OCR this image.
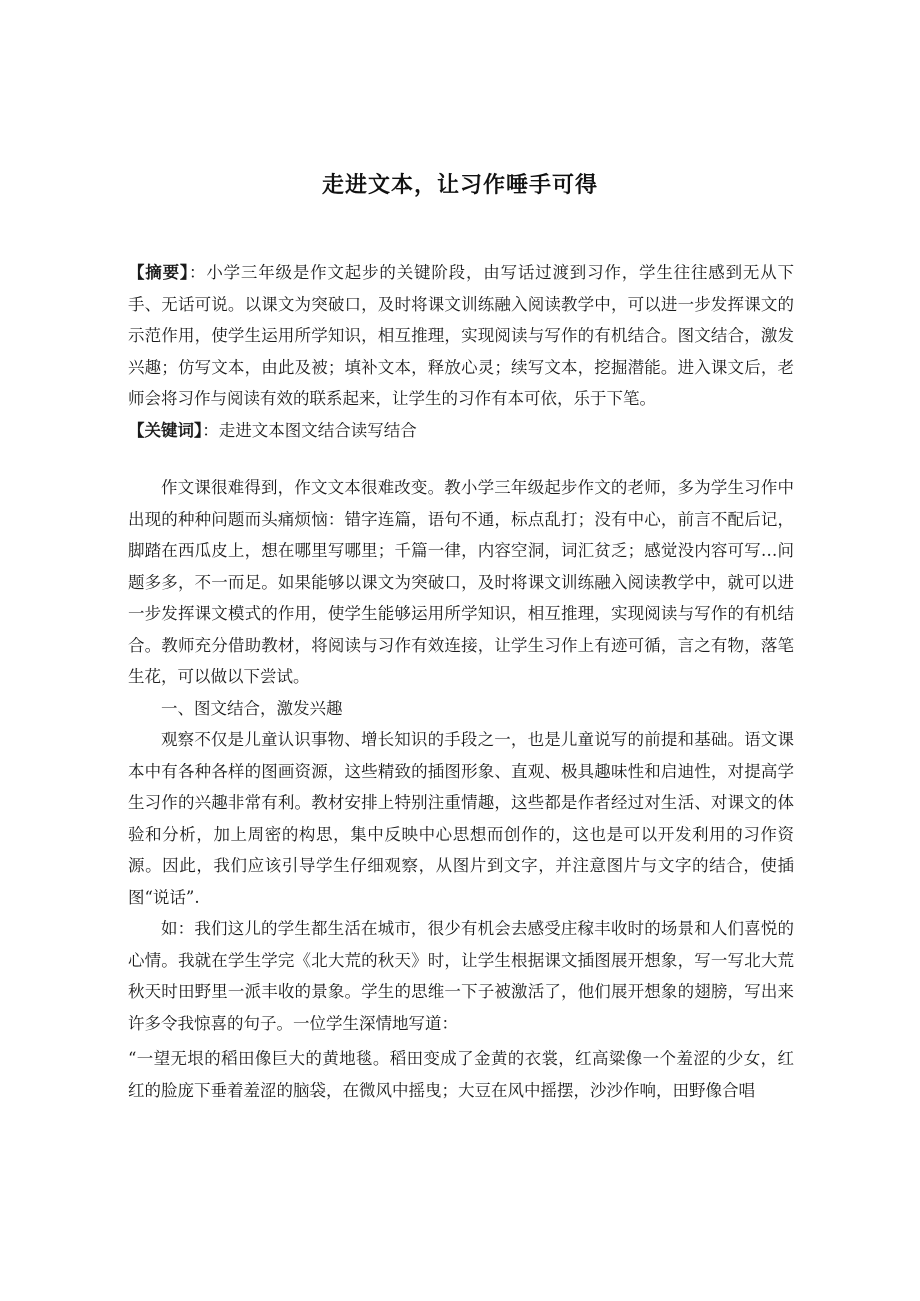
走进文本，让习作唾手可得

【摘要】：小学三年级是作文起步的关键阶段，由写话过渡到习作，学生往往感到无从下手、无话可说。以课文为突破口，及时将课文训练融入阅读教学中，可以进一步发挥课文的示范作用，使学生运用所学知识，相互推理，实现阅读与写作的有机结合。图文结合，激发兴趣；仿写文本，由此及被；填补文本，释放心灵；续写文本，挖掘潜能。进入课文后，老师会将习作与阅读有效的联系起来，让学生的习作有本可依，乐于下笔。

【关键词】：走进文本图文结合读写结合

作文课很难得到，作文文本很难改变。教小学三年级起步作文的老师，多为学生习作中出现的种种问题而头痛烦恼：错字连篇，语句不通，标点乱打；没有中心，前言不配后记，脚踏在西瓜皮上，想在哪里写哪里；千篇一律，内容空洞，词汇贫乏；感觉没内容可写…问题多多，不一而足。如果能够以课文为突破口，及时将课文训练融入阅读教学中，就可以进一步发挥课文模式的作用，使学生能够运用所学知识，相互推理，实现阅读与写作的有机结合。教师充分借助教材，将阅读与习作有效连接，让学生习作上有迹可循，言之有物，落笔生花，可以做以下尝试。

一、图文结合，激发兴趣

观察不仅是儿童认识事物、增长知识的手段之一，也是儿童说写的前提和基础。语文课本中有各种各样的图画资源，这些精致的插图形象、直观、极具趣味性和启迪性，对提高学生习作的兴趣非常有利。教材安排上特别注重情趣，这些都是作者经过对生活、对课文的体验和分析，加上周密的构思，集中反映中心思想而创作的，这也是可以开发利用的习作资源。因此，我们应该引导学生仔细观察，从图片到文字，并注意图片与文字的结合，使插图“说话”.

如：我们这儿的学生都生活在城市，很少有机会去感受庄稼丰收时的场景和人们喜悦的心情。我就在学生学完《北大荒的秋天》时，让学生根据课文插图展开想象，写一写北大荒秋天时田野里一派丰收的景象。学生的思维一下子被激活了，他们展开想象的翅膀，写出来许多令我惊喜的句子。一位学生深情地写道：

“一望无垠的稻田像巨大的黄地毯。稻田变成了金黄的衣裳，红高粱像一个羞涩的少女，红红的脸庞下垂着羞涩的脑袋，在微风中摇曳；大豆在风中摇摆，沙沙作响，田野像合唱
